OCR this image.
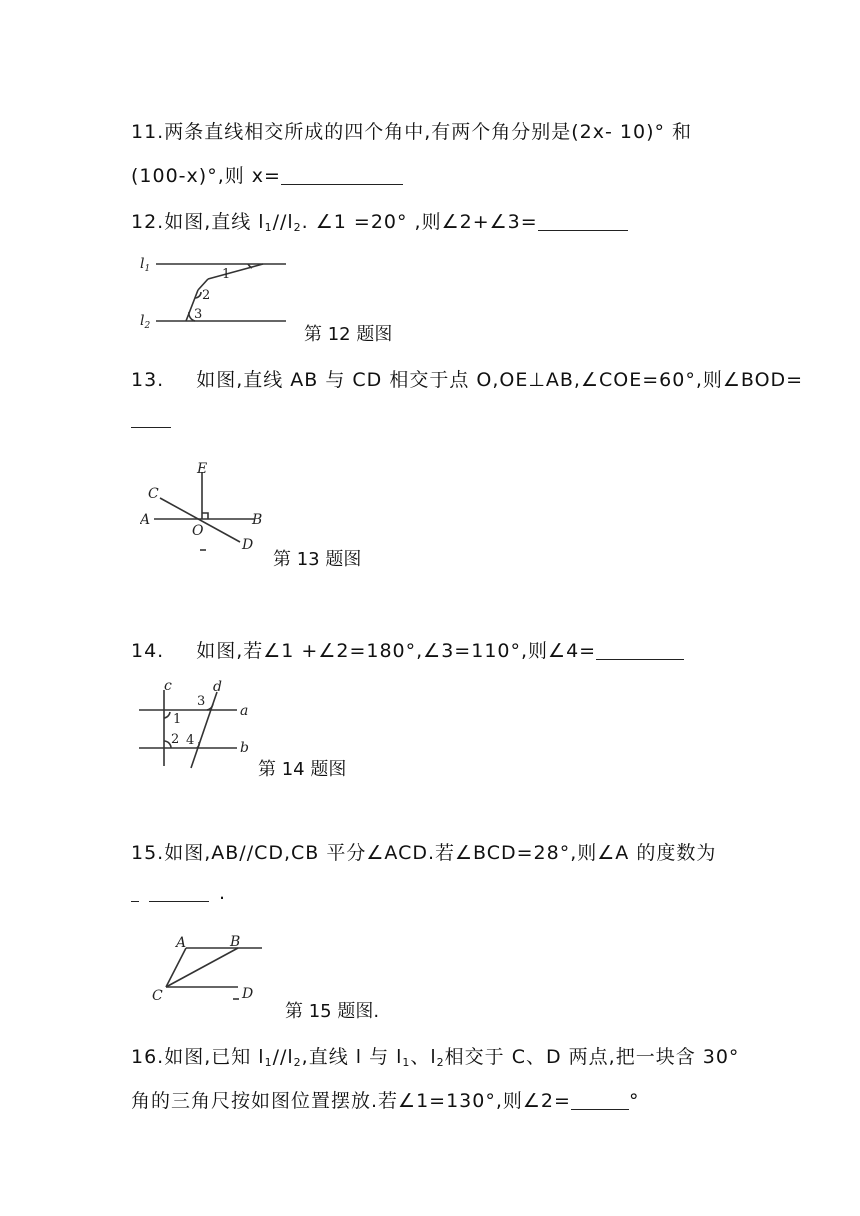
11.两条直线相交所成的四个角中,有两个角分别是(2x- 10)° 和
(100-x)°,则 x=
12.如图,直线 $l_1//l_2$. ∠1 =20° ,则∠2+∠3=
$l_1$
$l_2$
1
2
3
第 12 题图
13. 如图,直线 AB 与 CD 相交于点 O,OE⊥AB,∠COE=60°,则∠BOD=
A	B
C
D
E
O
第 13 题图
14. 如图,若∠1 +∠2=180°,∠3=110°,则∠4=
a
b
c	d
1
2
3
4
第 14 题图
15.如图,AB//CD,CB 平分∠ACD.若∠BCD=28°,则∠A 的度数为
.
A	B
C	D
第 15 题图.
16.如图,已知 $l_1//l_2$,直线 l 与 $l_1$、$l_2$相交于 C、D 两点,把一块含 30°
角的三角尺按如图位置摆放.若∠1=130°,则∠2=	°
